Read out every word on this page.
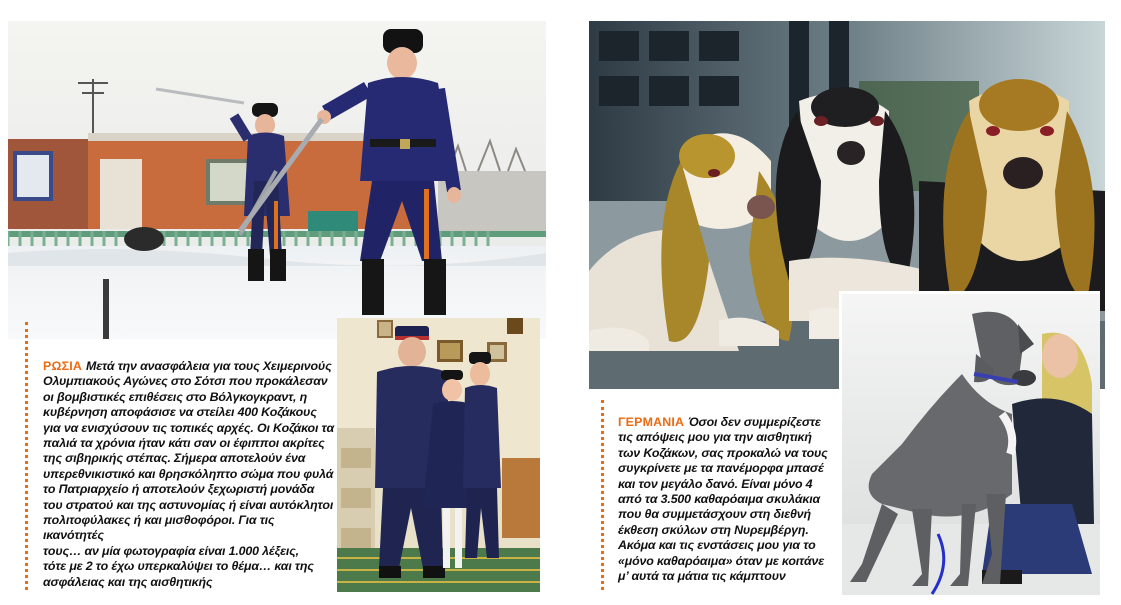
ΡΩΣΙΑ Μετά την ανασφάλεια για τους Χειμερινούς
Ολυμπιακούς Αγώνες στο Σότσι που προκάλεσαν
οι βομβιστικές επιθέσεις στο Βόλγκογκραντ, η
κυβέρνηση αποφάσισε να στείλει 400 Κοζάκους
για να ενισχύσουν τις τοπικές αρχές. Οι Κοζάκοι τα
παλιά τα χρόνια ήταν κάτι σαν οι έφιπποι ακρίτες
της σιβηρικής στέπας. Σήμερα αποτελούν ένα
υπερεθνικιστικό και θρησκόληπτο σώμα που φυλά
το Πατριαρχείο ή αποτελούν ξεχωριστή μονάδα
του στρατού και της αστυνομίας ή είναι αυτόκλητοι
πολιτοφύλακες ή και μισθοφόροι. Για τις ικανότητές
τους… αν μία φωτογραφία είναι 1.000 λέξεις,
τότε με 2 το έχω υπερκαλύψει το θέμα… και της
ασφάλειας και της αισθητικής
ΓΕΡΜΑΝΙΑ Όσοι δεν συμμερίζεστε
τις απόψεις μου για την αισθητική
των Κοζάκων, σας προκαλώ να τους
συγκρίνετε με τα πανέμορφα μπασέ
και τον μεγάλο δανό. Είναι μόνο 4
από τα 3.500 καθαρόαιμα σκυλάκια
που θα συμμετάσχουν στη διεθνή
έκθεση σκύλων στη Νυρεμβέργη.
Ακόμα και τις ενστάσεις μου για το
«μόνο καθαρόαιμα» όταν με κοιτάνε
μ’ αυτά τα μάτια τις κάμπτουν
